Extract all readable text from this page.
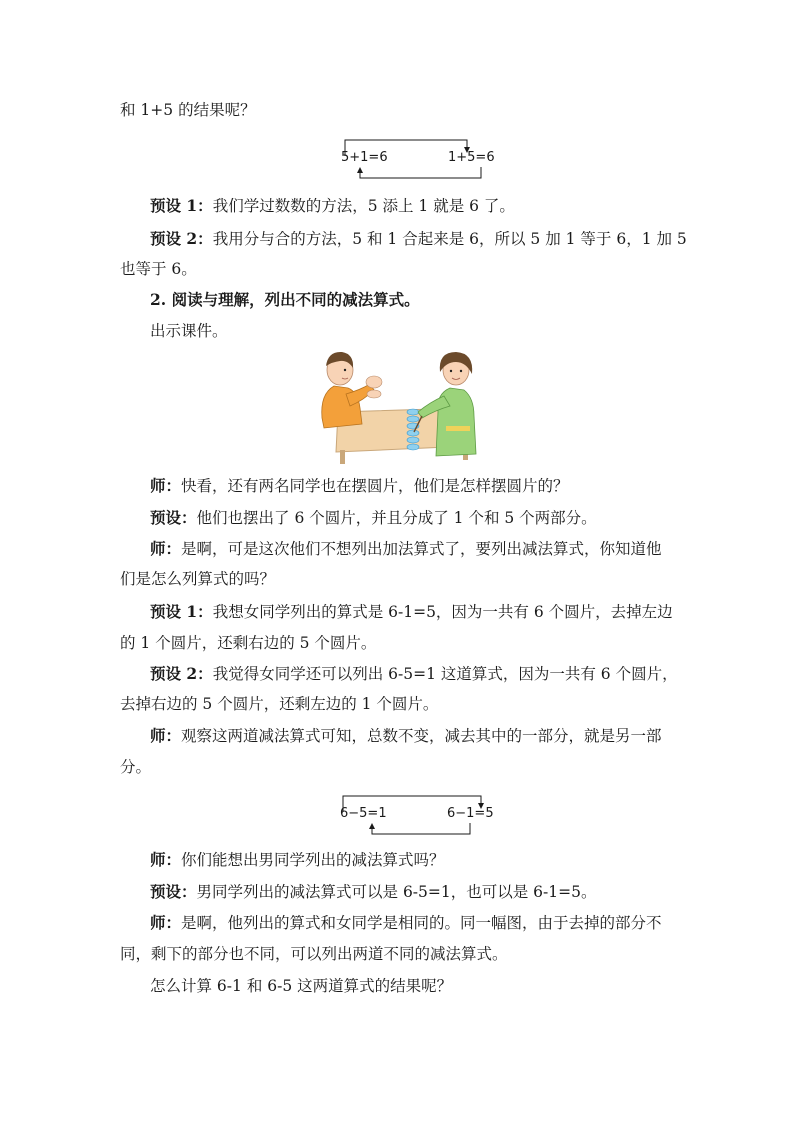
和 1+5 的结果呢？
5+1=6	1+5=6
预设 1：我们学过数数的方法，5 添上 1 就是 6 了。
预设 2：我用分与合的方法，5 和 1 合起来是 6，所以 5 加 1 等于 6，1 加 5
也等于 6。
2. 阅读与理解，列出不同的减法算式。
出示课件。
师：快看，还有两名同学也在摆圆片，他们是怎样摆圆片的？
预设：他们也摆出了 6 个圆片，并且分成了 1 个和 5 个两部分。
师：是啊，可是这次他们不想列出加法算式了，要列出减法算式，你知道他
们是怎么列算式的吗？
预设 1：我想女同学列出的算式是 6-1=5，因为一共有 6 个圆片，去掉左边
的 1 个圆片，还剩右边的 5 个圆片。
预设 2：我觉得女同学还可以列出 6-5=1 这道算式，因为一共有 6 个圆片，
去掉右边的 5 个圆片，还剩左边的 1 个圆片。
师：观察这两道减法算式可知，总数不变，减去其中的一部分，就是另一部
分。
6−5=1	6−1=5
师：你们能想出男同学列出的减法算式吗？
预设：男同学列出的减法算式可以是 6-5=1，也可以是 6-1=5。
师：是啊，他列出的算式和女同学是相同的。同一幅图，由于去掉的部分不
同，剩下的部分也不同，可以列出两道不同的减法算式。
怎么计算 6-1 和 6-5 这两道算式的结果呢？
